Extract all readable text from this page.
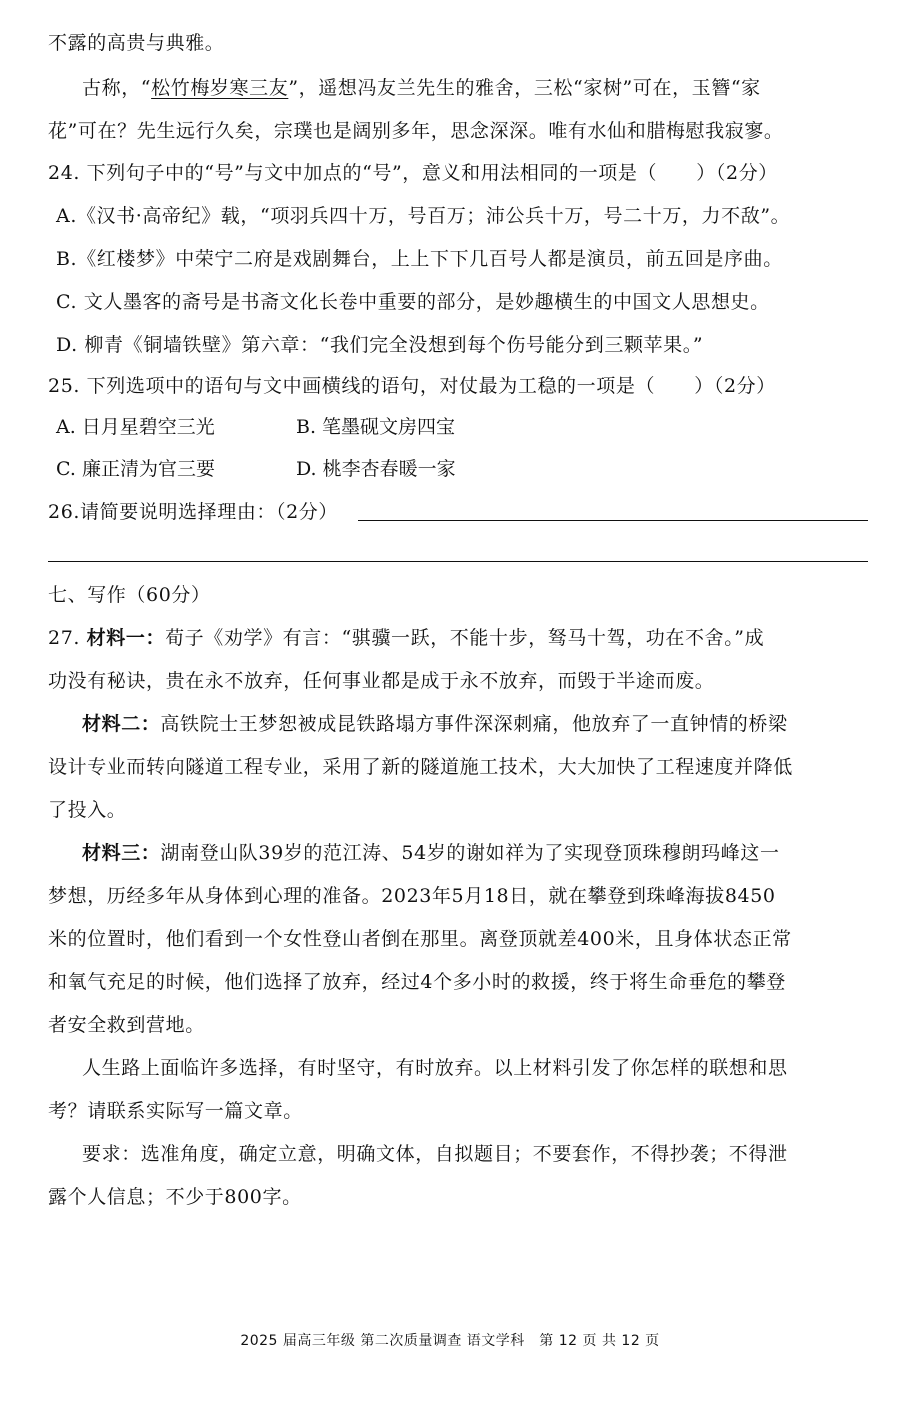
不露的高贵与典雅。
古称，“松竹梅岁寒三友”，遥想冯友兰先生的雅舍，三松“家树”可在，玉簪“家
花”可在？先生远行久矣，宗璞也是阔别多年，思念深深。唯有水仙和腊梅慰我寂寥。
24. 下列句子中的“号”与文中加点的“号”，意义和用法相同的一项是（　　）（2分）
A.《汉书·高帝纪》载，“项羽兵四十万，号百万；沛公兵十万，号二十万，力不敌”。
B.《红楼梦》中荣宁二府是戏剧舞台，上上下下几百号人都是演员，前五回是序曲。
C. 文人墨客的斋号是书斋文化长卷中重要的部分，是妙趣横生的中国文人思想史。
D. 柳青《铜墙铁壁》第六章：“我们完全没想到每个伤号能分到三颗苹果。”
25. 下列选项中的语句与文中画横线的语句，对仗最为工稳的一项是（　　）（2分）
A. 日月星碧空三光	B. 笔墨砚文房四宝
C. 廉正清为官三要	D. 桃李杏春暖一家
26.请简要说明选择理由：（2分）
七、写作（60分）
27. 材料一：荀子《劝学》有言：“骐骥一跃，不能十步，驽马十驾，功在不舍。”成
功没有秘诀，贵在永不放弃，任何事业都是成于永不放弃，而毁于半途而废。
材料二：高铁院士王梦恕被成昆铁路塌方事件深深刺痛，他放弃了一直钟情的桥梁
设计专业而转向隧道工程专业，采用了新的隧道施工技术，大大加快了工程速度并降低
了投入。
材料三：湖南登山队39岁的范江涛、54岁的谢如祥为了实现登顶珠穆朗玛峰这一
梦想，历经多年从身体到心理的准备。2023年5月18日，就在攀登到珠峰海拔8450
米的位置时，他们看到一个女性登山者倒在那里。离登顶就差400米，且身体状态正常
和氧气充足的时候，他们选择了放弃，经过4个多小时的救援，终于将生命垂危的攀登
者安全救到营地。
人生路上面临许多选择，有时坚守，有时放弃。以上材料引发了你怎样的联想和思
考？请联系实际写一篇文章。
要求：选准角度，确定立意，明确文体，自拟题目；不要套作，不得抄袭；不得泄
露个人信息；不少于800字。
2025 届高三年级 第二次质量调查 语文学科　第 12 页 共 12 页
